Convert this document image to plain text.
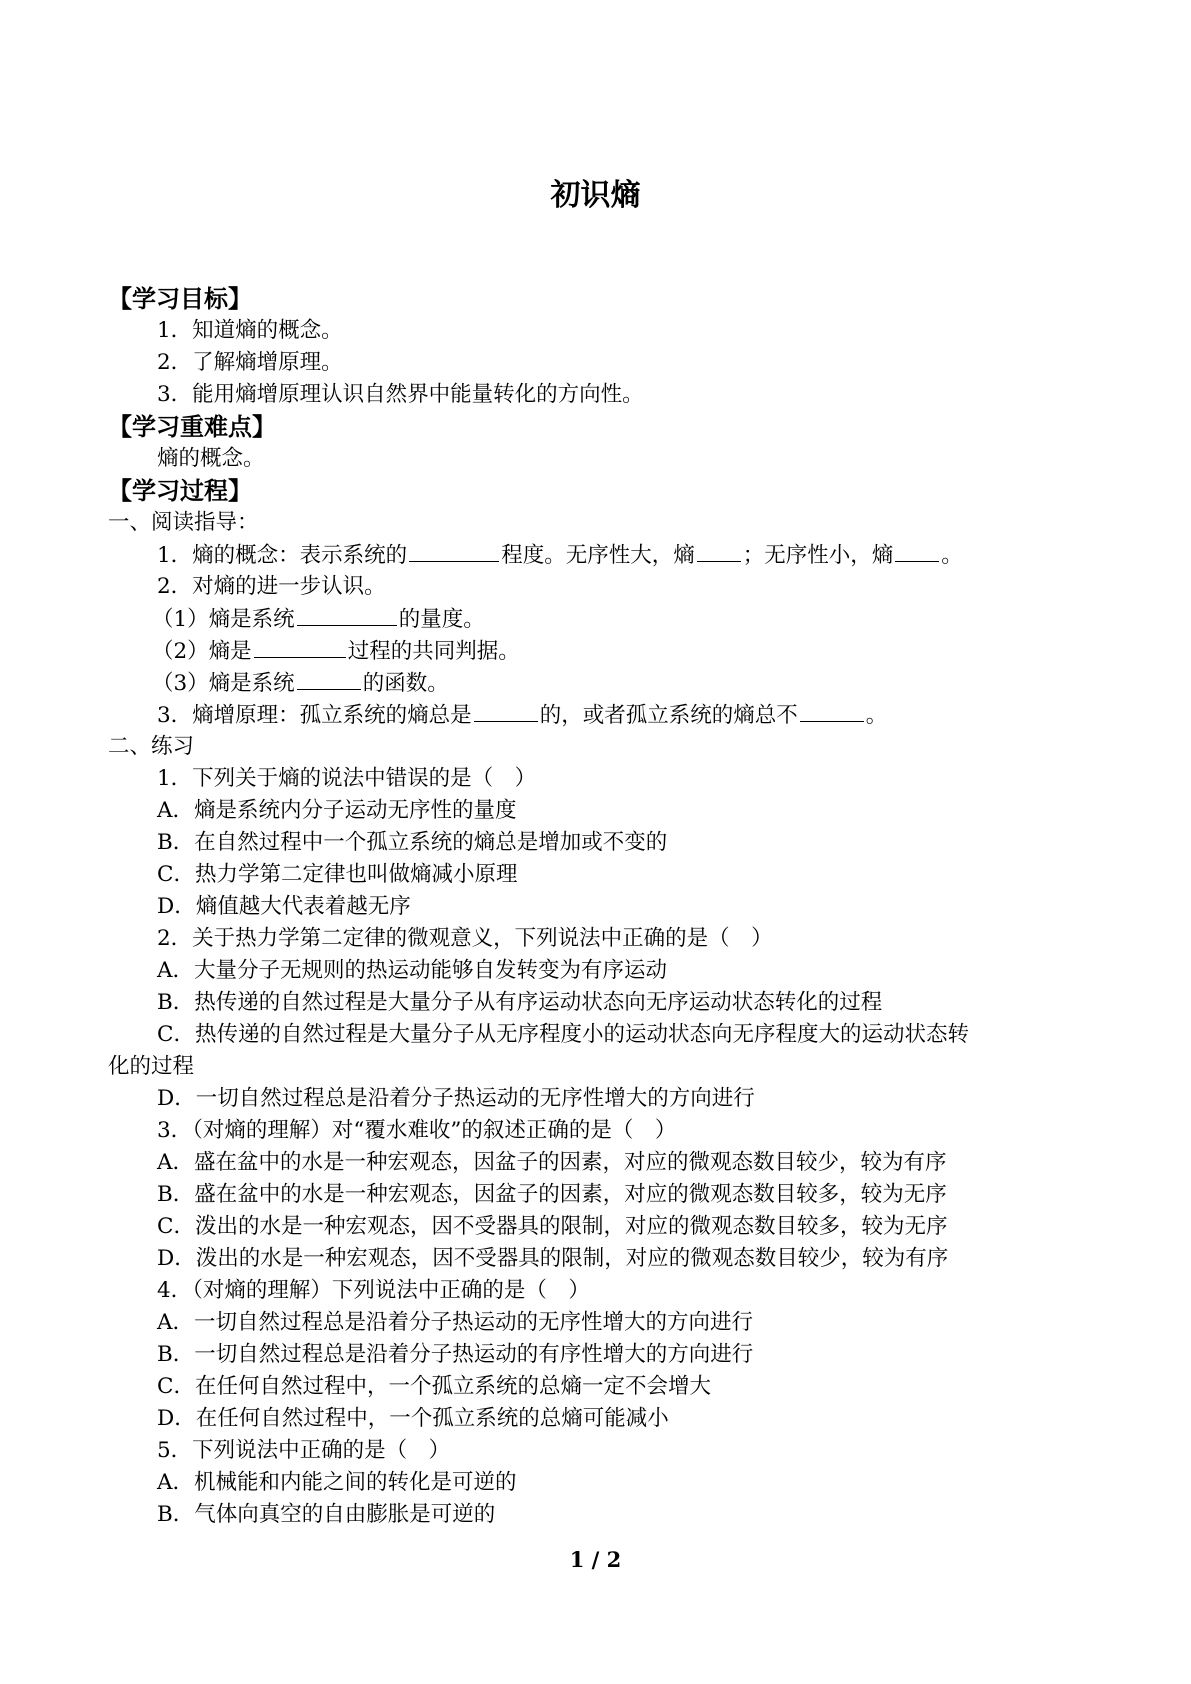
初识熵
【学习目标】
1．知道熵的概念。
2．了解熵增原理。
3．能用熵增原理认识自然界中能量转化的方向性。
【学习重难点】
熵的概念。
【学习过程】
一、阅读指导：
1．熵的概念：表示系统的	程度。无序性大，熵 ；无序性小，熵 。
2．对熵的进一步认识。
（1）熵是系统	的量度。
（2）熵是	过程的共同判据。
（3）熵是系统	的函数。
3．熵增原理：孤立系统的熵总是	的，或者孤立系统的熵总不	。
二、练习
1．下列关于熵的说法中错误的是（　）
A．熵是系统内分子运动无序性的量度
B．在自然过程中一个孤立系统的熵总是增加或不变的
C．热力学第二定律也叫做熵减小原理
D．熵值越大代表着越无序
2．关于热力学第二定律的微观意义，下列说法中正确的是（　）
A．大量分子无规则的热运动能够自发转变为有序运动
B．热传递的自然过程是大量分子从有序运动状态向无序运动状态转化的过程
C．热传递的自然过程是大量分子从无序程度小的运动状态向无序程度大的运动状态转
化的过程
D．一切自然过程总是沿着分子热运动的无序性增大的方向进行
3．（对熵的理解）对“覆水难收”的叙述正确的是（　）
A．盛在盆中的水是一种宏观态，因盆子的因素，对应的微观态数目较少，较为有序
B．盛在盆中的水是一种宏观态，因盆子的因素，对应的微观态数目较多，较为无序
C．泼出的水是一种宏观态，因不受器具的限制，对应的微观态数目较多，较为无序
D．泼出的水是一种宏观态，因不受器具的限制，对应的微观态数目较少，较为有序
4．（对熵的理解）下列说法中正确的是（　）
A．一切自然过程总是沿着分子热运动的无序性增大的方向进行
B．一切自然过程总是沿着分子热运动的有序性增大的方向进行
C．在任何自然过程中，一个孤立系统的总熵一定不会增大
D．在任何自然过程中，一个孤立系统的总熵可能减小
5．下列说法中正确的是（　）
A．机械能和内能之间的转化是可逆的
B．气体向真空的自由膨胀是可逆的
1 / 2
